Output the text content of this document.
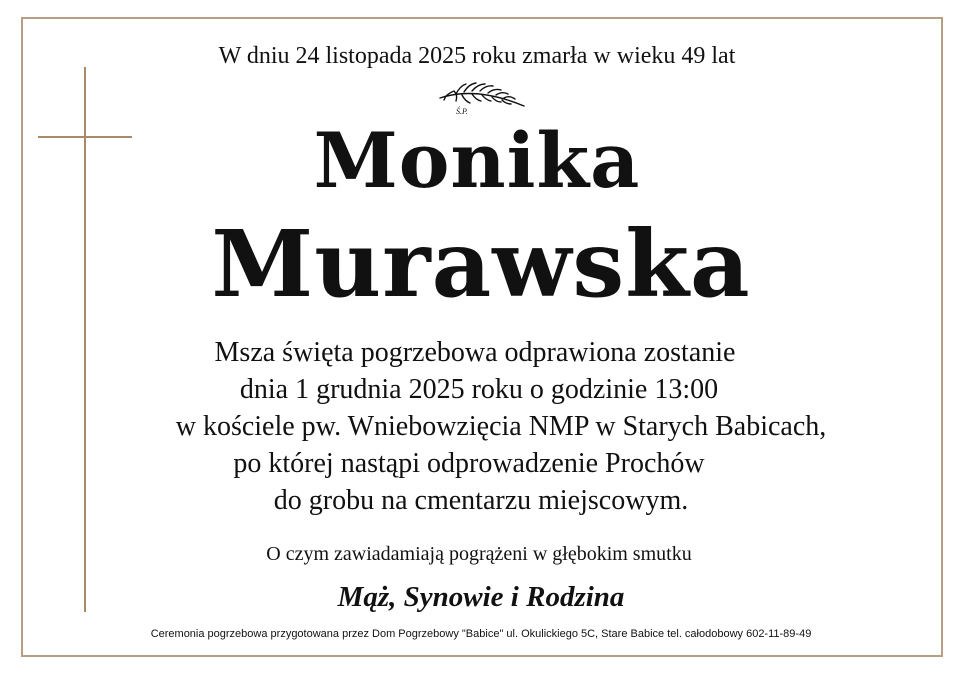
W dniu 24 listopada 2025 roku zmarła w wieku 49 lat

Ś.P.

Monika

Murawska

Msza święta pogrzebowa odprawiona zostanie

dnia 1 grudnia 2025 roku o godzinie 13:00

w kościele pw. Wniebowzięcia NMP w Starych Babicach,

po której nastąpi odprowadzenie Prochów

do grobu na cmentarzu miejscowym.

O czym zawiadamiają pogrążeni w głębokim smutku

Mąż, Synowie i Rodzina

Ceremonia pogrzebowa przygotowana przez Dom Pogrzebowy "Babice" ul. Okulickiego 5C, Stare Babice tel. całodobowy 602-11-89-49
